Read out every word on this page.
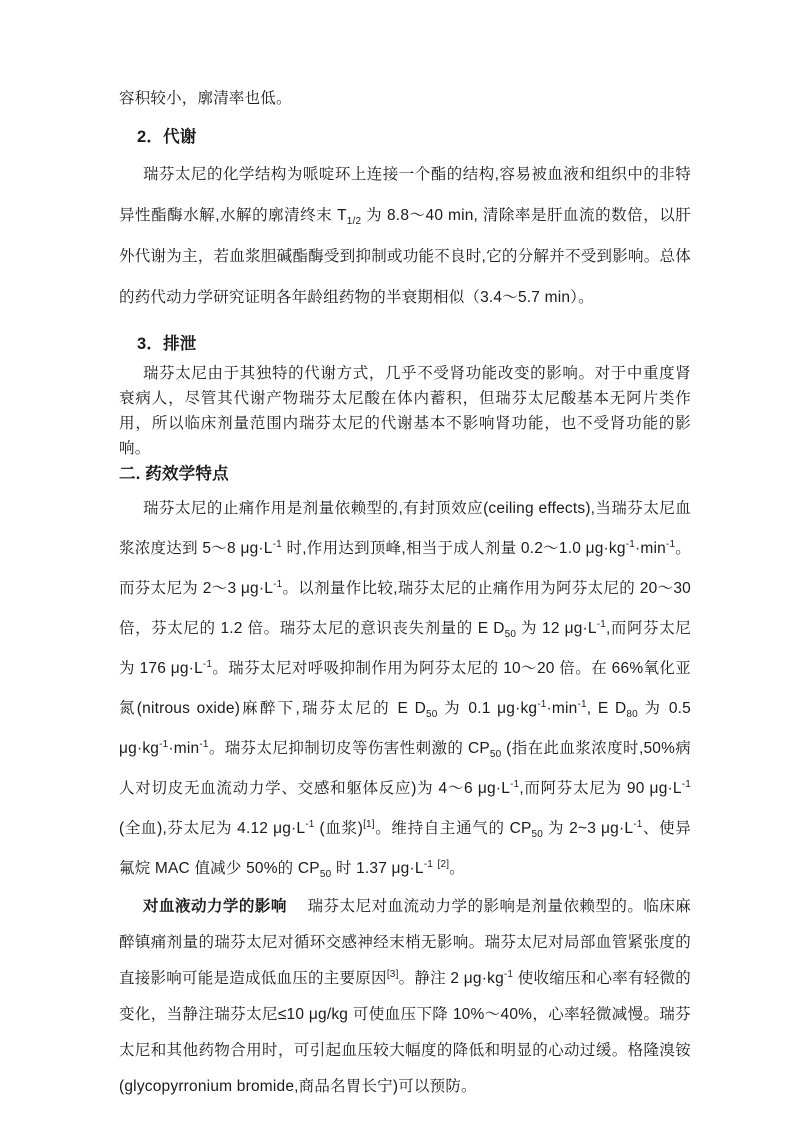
容积较小，廓清率也低。
2．代谢
瑞芬太尼的化学结构为哌啶环上连接一个酯的结构,容易被血液和组织中的非特异性酯酶水解,水解的廓清终末 $T_{1/2}$ 为 8.8～40 min, 清除率是肝血流的数倍，以肝外代谢为主，若血浆胆碱酯酶受到抑制或功能不良时,它的分解并不受到影响。总体的药代动力学研究证明各年龄组药物的半衰期相似（3.4～5.7 min）。
3．排泄
瑞芬太尼由于其独特的代谢方式，几乎不受肾功能改变的影响。对于中重度肾衰病人，尽管其代谢产物瑞芬太尼酸在体内蓄积，但瑞芬太尼酸基本无阿片类作用，所以临床剂量范围内瑞芬太尼的代谢基本不影响肾功能，也不受肾功能的影响。
二. 药效学特点
瑞芬太尼的止痛作用是剂量依赖型的,有封顶效应(ceiling effects),当瑞芬太尼血浆浓度达到 5～8 $\mu g\cdot L^{-1}$ 时,作用达到顶峰,相当于成人剂量 0.2～1.0 $\mu g\cdot kg^{-1}\cdot\min^{-1}$。而芬太尼为 2～3 $\mu g\cdot L^{-1}$。以剂量作比较,瑞芬太尼的止痛作用为阿芬太尼的 20～30 倍，芬太尼的 1.2 倍。瑞芬太尼的意识丧失剂量的 E $D_{50}$ 为 12 $\mu g\cdot L^{-1}$,而阿芬太尼为 176 $\mu g\cdot L^{-1}$。瑞芬太尼对呼吸抑制作用为阿芬太尼的 10～20 倍。在 66%氧化亚氮(nitrous oxide)麻醉下,瑞芬太尼的 E $D_{50}$ 为 0.1 $\mu g\cdot kg^{-1}\cdot\min^{-1}$, E $D_{80}$ 为 0.5 $\mu g\cdot kg^{-1}\cdot\min^{-1}$。瑞芬太尼抑制切皮等伤害性刺激的 $CP_{50}$ (指在此血浆浓度时,50%病人对切皮无血流动力学、交感和躯体反应)为 4～6 $\mu g\cdot L^{-1}$,而阿芬太尼为 90 $\mu g\cdot L^{-1}$ (全血),芬太尼为 4.12 $\mu g\cdot L^{-1}$ (血浆)[1]。维持自主通气的 $CP_{50}$ 为 2~3 $\mu g\cdot L^{-1}$、使异氟烷 MAC 值减少 50%的 $CP_{50}$ 时 1.37 $\mu g\cdot L^{-1}$ [2]。
对血液动力学的影响　 瑞芬太尼对血流动力学的影响是剂量依赖型的。临床麻醉镇痛剂量的瑞芬太尼对循环交感神经末梢无影响。瑞芬太尼对局部血管紧张度的直接影响可能是造成低血压的主要原因[3]。静注 2 $\mu g\cdot kg^{-1}$ 使收缩压和心率有轻微的变化，当静注瑞芬太尼≤10 μg/kg 可使血压下降 10%～40%，心率轻微减慢。瑞芬太尼和其他药物合用时，可引起血压较大幅度的降低和明显的心动过缓。格隆溴铵(glycopyrronium bromide,商品名胃长宁)可以预防。
